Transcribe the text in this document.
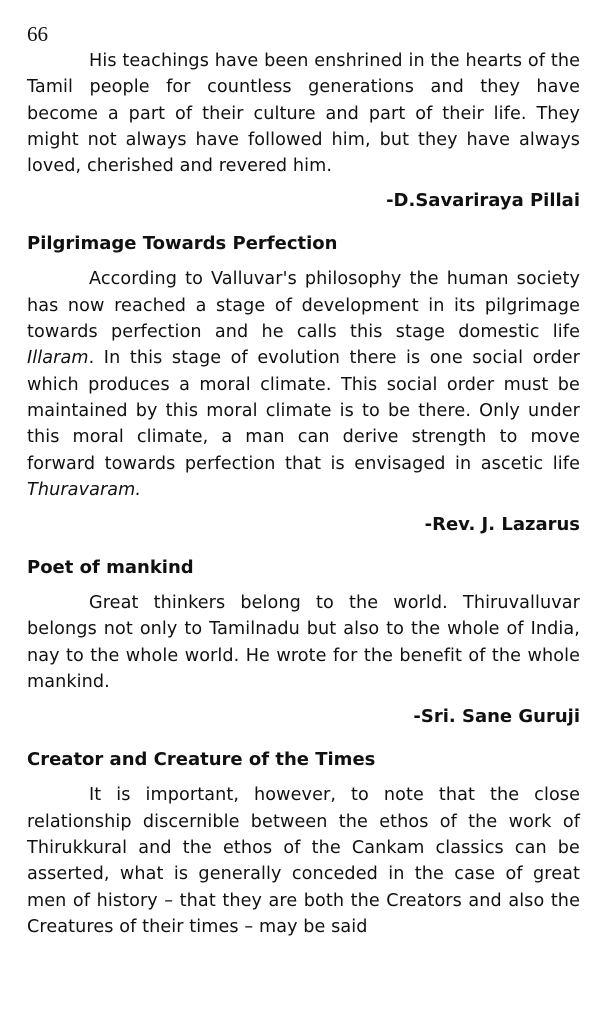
66

His teachings have been enshrined in the hearts of the Tamil people for countless generations and they have become a part of their culture and part of their life. They might not always have followed him, but they have always loved, cherished and revered him.

-D.Savariraya Pillai

Pilgrimage Towards Perfection

According to Valluvar's philosophy the human society has now reached a stage of development in its pilgrimage towards perfection and he calls this stage domestic life Illaram. In this stage of evolution there is one social order which produces a moral climate. This social order must be maintained by this moral climate is to be there. Only under this moral climate, a man can derive strength to move forward towards perfection that is envisaged in ascetic life Thuravaram.

-Rev. J. Lazarus

Poet of mankind

Great thinkers belong to the world. Thiruvalluvar belongs not only to Tamilnadu but also to the whole of India, nay to the whole world. He wrote for the benefit of the whole mankind.

-Sri. Sane Guruji

Creator and Creature of the Times

It is important, however, to note that the close relationship discernible between the ethos of the work of Thirukkural and the ethos of the Cankam classics can be asserted, what is generally conceded in the case of great men of history – that they are both the Creators and also the Creatures of their times – may be said
